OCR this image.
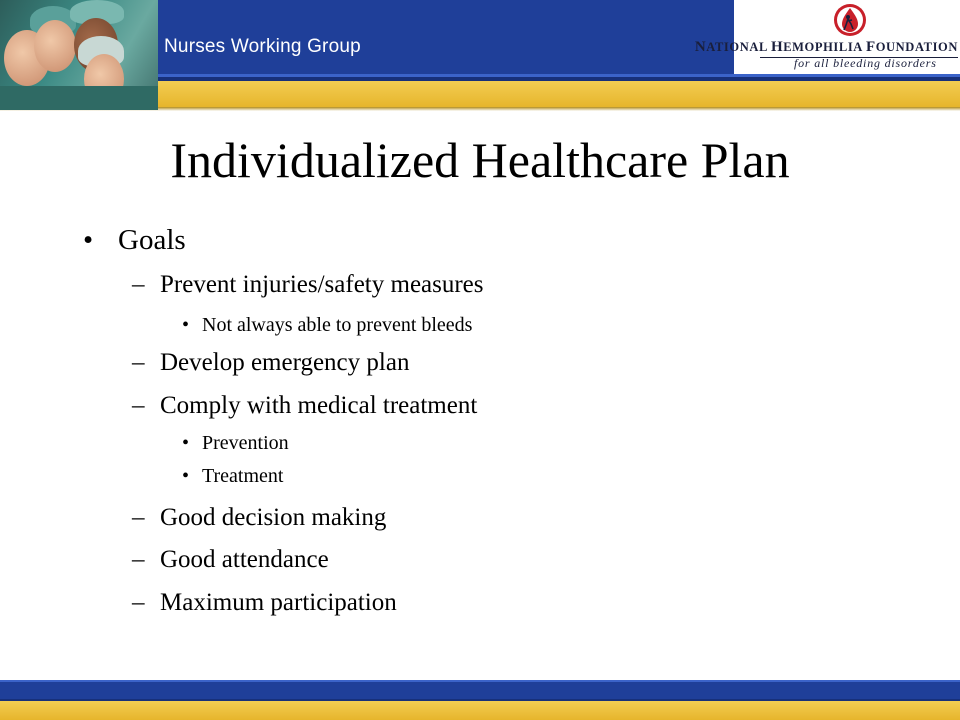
Nurses Working Group	NATIONAL HEMOPHILIA FOUNDATION
for all bleeding disorders
Individualized Healthcare Plan
• Goals
– Prevent injuries/safety measures
• Not always able to prevent bleeds
– Develop emergency plan
– Comply with medical treatment
• Prevention
• Treatment
– Good decision making
– Good attendance
– Maximum participation
